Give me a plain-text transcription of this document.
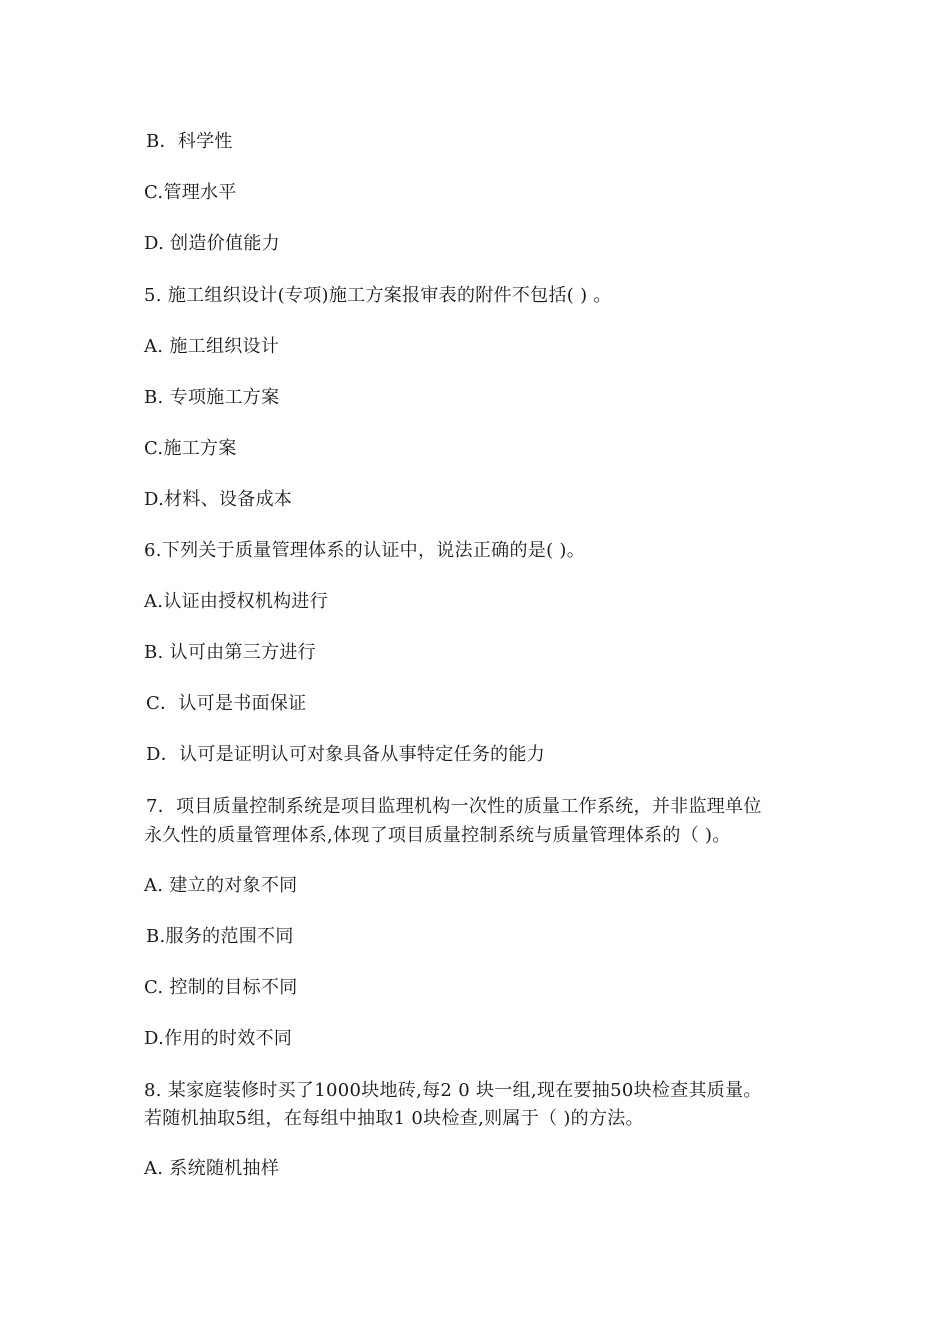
B．科学性
C.管理水平
D. 创造价值能力
5. 施工组织设计(专项)施工方案报审表的附件不包括( ) 。
A. 施工组织设计
B. 专项施工方案
C.施工方案
D.材料、设备成本
6.下列关于质量管理体系的认证中，说法正确的是( )。
A.认证由授权机构进行
B. 认可由第三方进行
C．认可是书面保证
D．认可是证明认可对象具备从事特定任务的能力
7．项目质量控制系统是项目监理机构一次性的质量工作系统，并非监理单位
永久性的质量管理体系,体现了项目质量控制系统与质量管理体系的（ )。
A. 建立的对象不同
B.服务的范围不同
C. 控制的目标不同
D.作用的时效不同
8. 某家庭装修时买了1000块地砖,每2 0 块一组,现在要抽50块检查其质量。
若随机抽取5组，在每组中抽取1 0块检查,则属于（ )的方法。
A. 系统随机抽样
